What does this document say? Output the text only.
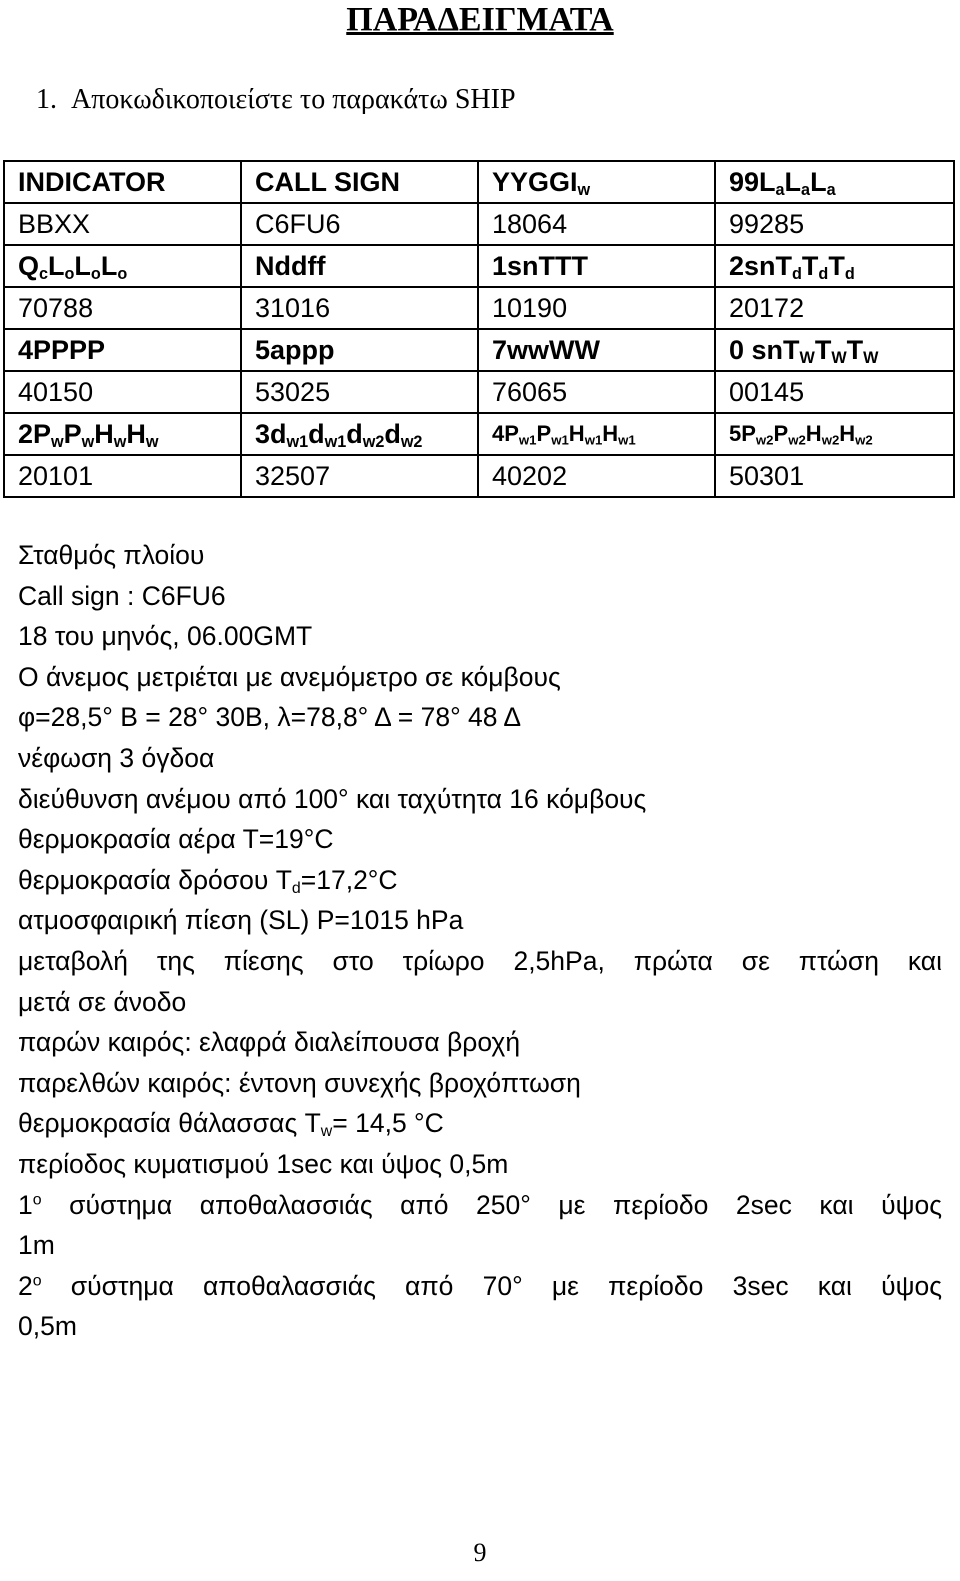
ΠΑΡΑΔΕΙΓΜΑΤΑ
1. Αποκωδικοποιείστε το παρακάτω SHIP
INDICATOR	CALL SIGN	$YYGGI_w$	$99L_aL_aL_a$
BBXX	C6FU6	18064	99285
$Q_cL_oL_oL_o$	Nddff	1snTTT	$2snT_dT_dT_d$
70788	31016	10190	20172
4PPPP	5appp	7wwWW	0 $snT_WT_WT_W$
40150	53025	76065	00145
$2P_wP_wH_wH_w$	$3d_{w1}d_{w1}d_{w2}d_{w2}$	$4P_{w1}P_{w1}H_{w1}H_{w1}$	$5P_{w2}P_{w2}H_{w2}H_{w2}$
20101	32507	40202	50301
Σταθμός πλοίου
Call sign : C6FU6
18 του μηνός, 06.00GMT
Ο άνεμος μετριέται με ανεμόμετρο σε κόμβους
φ=28,5° Β = 28° 30Β, λ=78,8° Δ = 78° 48 Δ
νέφωση 3 όγδοα
διεύθυνση ανέμου από 100° και ταχύτητα 16 κόμβους
θερμοκρασία αέρα Τ=19°C
θερμοκρασία δρόσου $T_d=17,2^\circ C$
ατμοσφαιρική πίεση (SL) P=1015 hPa
μεταβολή της πίεσης στο τρίωρο 2,5hPa, πρώτα σε πτώση και
μετά σε άνοδο
παρών καιρός: ελαφρά διαλείπουσα βροχή
παρελθών καιρός: έντονη συνεχής βροχόπτωση
θερμοκρασία θάλασσας $T_w= 14,5$ °C
περίοδος κυματισμού 1sec και ύψος 0,5m
$1^o$ σύστημα αποθαλασσιάς από 250° με περίοδο 2sec και ύψος
1m
$2^o$ σύστημα αποθαλασσιάς από 70° με περίοδο 3sec και ύψος
0,5m
9
